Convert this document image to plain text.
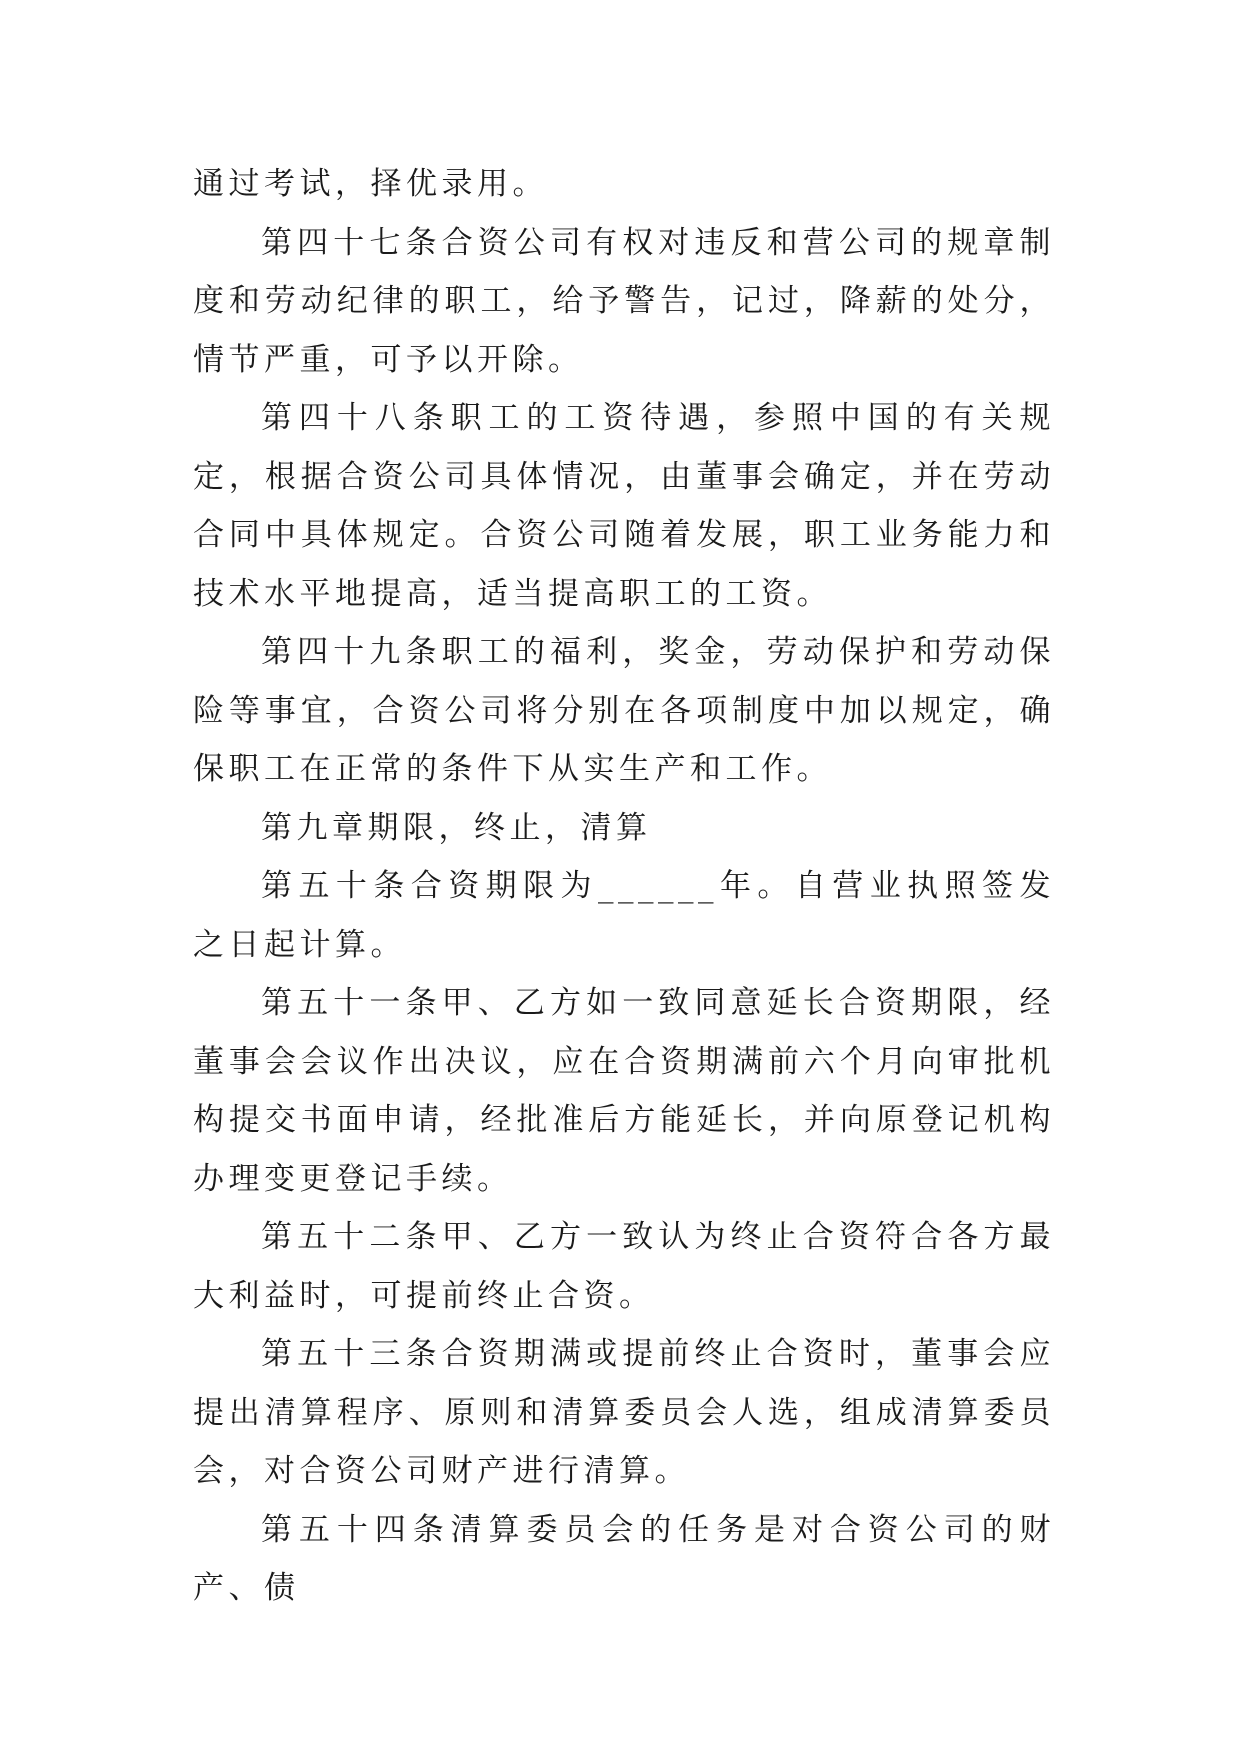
通过考试，择优录用。

第四十七条合资公司有权对违反和营公司的规章制度和劳动纪律的职工，给予警告，记过，降薪的处分，情节严重，可予以开除。

第四十八条职工的工资待遇，参照中国的有关规定，根据合资公司具体情况，由董事会确定，并在劳动合同中具体规定。合资公司随着发展，职工业务能力和技术水平地提高，适当提高职工的工资。

第四十九条职工的福利，奖金，劳动保护和劳动保险等事宜，合资公司将分别在各项制度中加以规定，确保职工在正常的条件下从实生产和工作。

第九章期限，终止，清算

第五十条合资期限为______年。自营业执照签发之日起计算。

第五十一条甲、乙方如一致同意延长合资期限，经董事会会议作出决议，应在合资期满前六个月向审批机构提交书面申请，经批准后方能延长，并向原登记机构办理变更登记手续。

第五十二条甲、乙方一致认为终止合资符合各方最大利益时，可提前终止合资。

第五十三条合资期满或提前终止合资时，董事会应提出清算程序、原则和清算委员会人选，组成清算委员会，对合资公司财产进行清算。

第五十四条清算委员会的任务是对合资公司的财产、债
